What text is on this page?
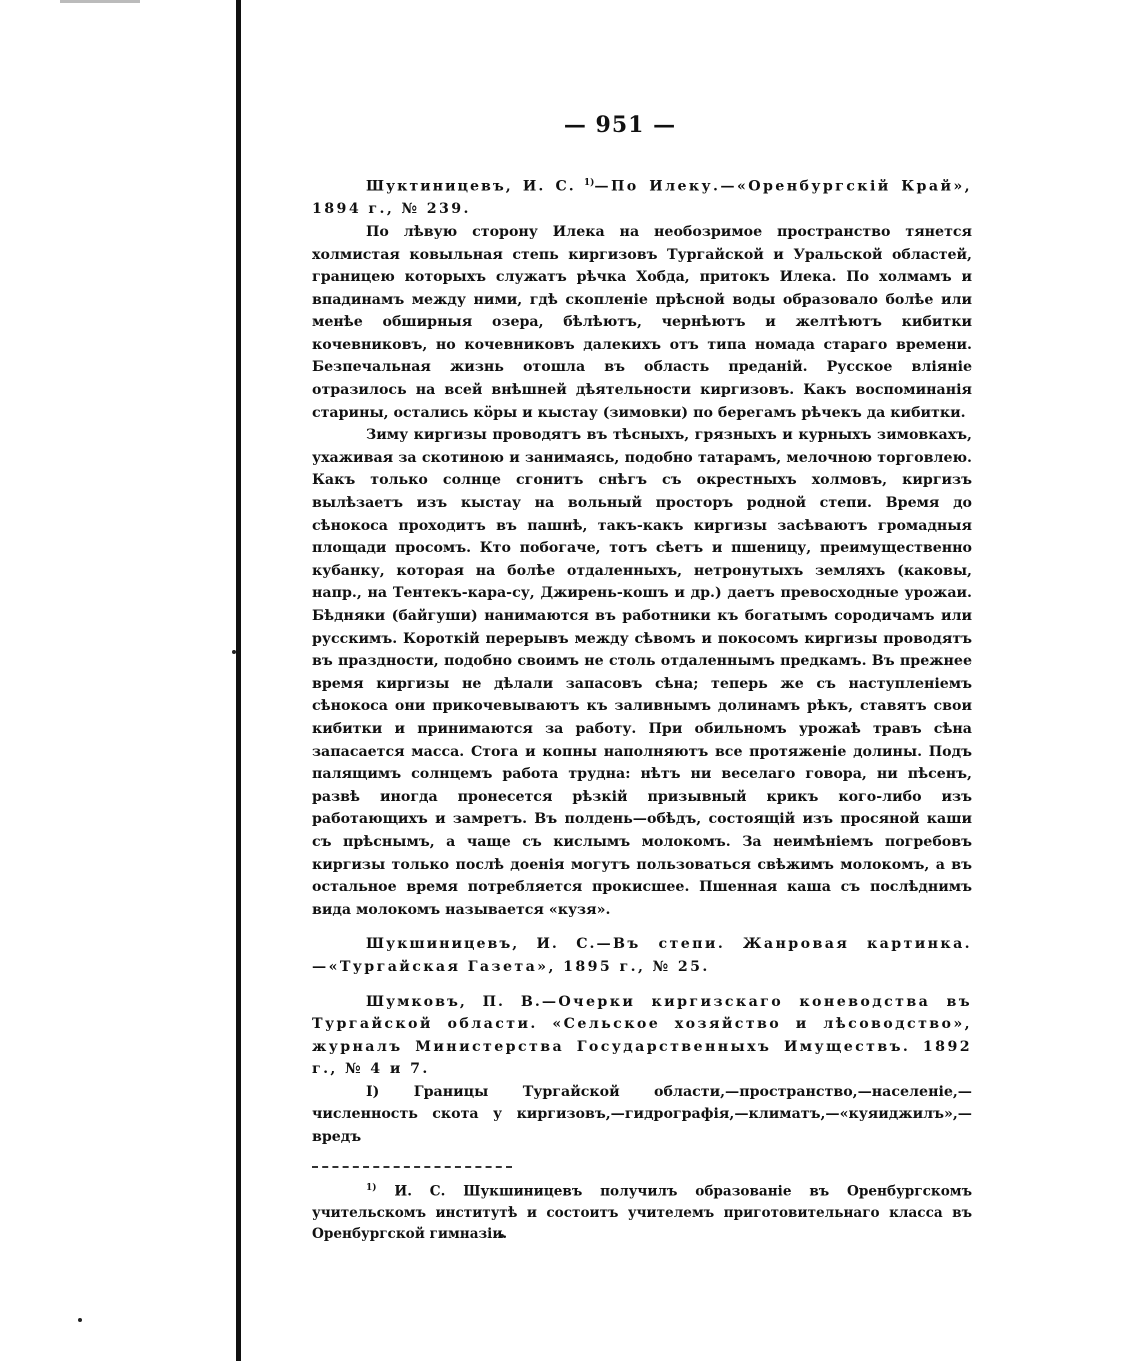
— 951 —

Шуктиницевъ, И. С. $^{1)}$—По Илеку.—«Оренбургскій Край», 1894 г., № 239.

По лѣвую сторону Илека на необозримое пространство тянется холмистая ковыльная степь киргизовъ Тургайской и Уральской областей, границею которыхъ служатъ рѣчка Хобда, притокъ Илека. По холмамъ и впадинамъ между ними, гдѣ скопленіе прѣсной воды образовало болѣе или менѣе обширныя озера, бѣлѣютъ, чернѣютъ и желтѣютъ кибитки кочевниковъ, но кочевниковъ далекихъ отъ типа номада стараго времени. Безпечальная жизнь отошла въ область преданій. Русское вліяніе отразилось на всей внѣшней дѣятельности киргизовъ. Какъ воспоминанія старины, остались кöры и кыстау (зимовки) по берегамъ рѣчекъ да кибитки.

Зиму киргизы проводятъ въ тѣсныхъ, грязныхъ и курныхъ зимовкахъ, ухаживая за скотиною и занимаясь, подобно татарамъ, мелочною торговлею. Какъ только солнце сгонитъ снѣгъ съ окрестныхъ холмовъ, киргизъ вылѣзаетъ изъ кыстау на вольный просторъ родной степи. Время до сѣнокоса проходитъ въ пашнѣ, такъ-какъ киргизы засѣваютъ громадныя площади просомъ. Кто побогаче, тотъ сѣетъ и пшеницу, преимущественно кубанку, которая на болѣе отдаленныхъ, нетронутыхъ земляхъ (каковы, напр., на Тентекъ-кара-су, Джирень-кошъ и др.) даетъ превосходные урожаи. Бѣдняки (байгуши) нанимаются въ работники къ богатымъ сородичамъ или русскимъ. Короткій перерывъ между сѣвомъ и покосомъ киргизы проводятъ въ праздности, подобно своимъ не столь отдаленнымъ предкамъ. Въ прежнее время киргизы не дѣлали запасовъ сѣна; теперь же съ наступленіемъ сѣнокоса они прикочевываютъ къ заливнымъ долинамъ рѣкъ, ставятъ свои кибитки и принимаются за работу. При обильномъ урожаѣ травъ сѣна запасается масса. Стога и копны наполняютъ все протяженіе долины. Подъ палящимъ солнцемъ работа трудна: нѣтъ ни веселаго говора, ни пѣсенъ, развѣ иногда пронесется рѣзкій призывный крикъ кого-либо изъ работающихъ и замретъ. Въ полдень—обѣдъ, состоящій изъ просяной каши съ прѣснымъ, а чаще съ кислымъ молокомъ. За неимѣніемъ погребовъ киргизы только послѣ доенія могутъ пользоваться свѣжимъ молокомъ, а въ остальное время потребляется прокисшее. Пшенная каша съ послѣднимъ вида молокомъ называется «кузя».

Шукшиницевъ, И. С.—Въ степи. Жанровая картинка.—«Тургайская Газета», 1895 г., № 25.

Шумковъ, П. В.—Очерки киргизскаго коневодства въ Тургайской области. «Сельское хозяйство и лѣсоводство», журналъ Министерства Государственныхъ Имуществъ. 1892 г., № 4 и 7.

I) Границы Тургайской области,—пространство,—населеніе,—численность скота у киргизовъ,—гидрографія,—климатъ,—«куяиджилъ»,—вредъ

$^{1)}$ И. С. Шукшиницевъ получилъ образованіе въ Оренбургскомъ учительскомъ институтѣ и состоитъ учителемъ приготовительнаго класса въ Оренбургской гимназіи.
